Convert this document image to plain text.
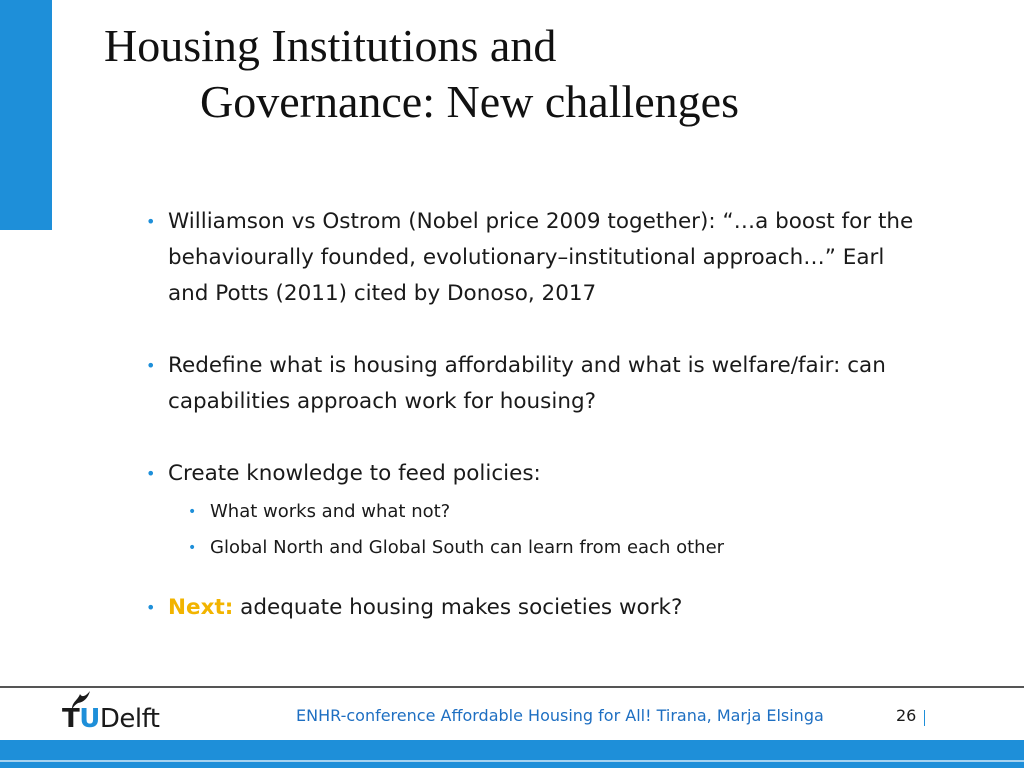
Housing Institutions and
Governance: New challenges
• Williamson vs Ostrom (Nobel price 2009 together): “…a boost for the
behaviourally founded, evolutionary–institutional approach…” Earl
and Potts (2011) cited by Donoso, 2017
• Redefine what is housing affordability and what is welfare/fair: can
capabilities approach work for housing?
• Create knowledge to feed policies:
• What works and what not?
• Global North and Global South can learn from each other
• Next: adequate housing makes societies work?
TUDelft	ENHR-conference Affordable Housing for All! Tirana, Marja Elsinga	26
